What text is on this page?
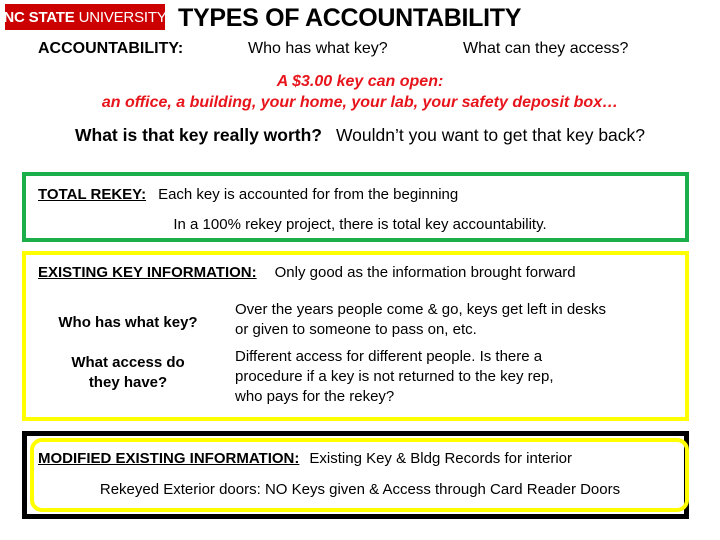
NC STATE UNIVERSITY TYPES OF ACCOUNTABILITY
ACCOUNTABILITY:	Who has what key?	What can they access?
A $3.00 key can open:
an office, a building, your home, your lab, your safety deposit box…
What is that key really worth? Wouldn’t you want to get that key back?
TOTAL REKEY: Each key is accounted for from the beginning
In a 100% rekey project, there is total key accountability.
EXISTING KEY INFORMATION: Only good as the information brought forward
Who has what key?
Over the years people come & go, keys get left in desks
or given to someone to pass on, etc.
What access do
they have?
Different access for different people. Is there a
procedure if a key is not returned to the key rep,
who pays for the rekey?
MODIFIED EXISTING INFORMATION: Existing Key & Bldg Records for interior
Rekeyed Exterior doors: NO Keys given & Access through Card Reader Doors
